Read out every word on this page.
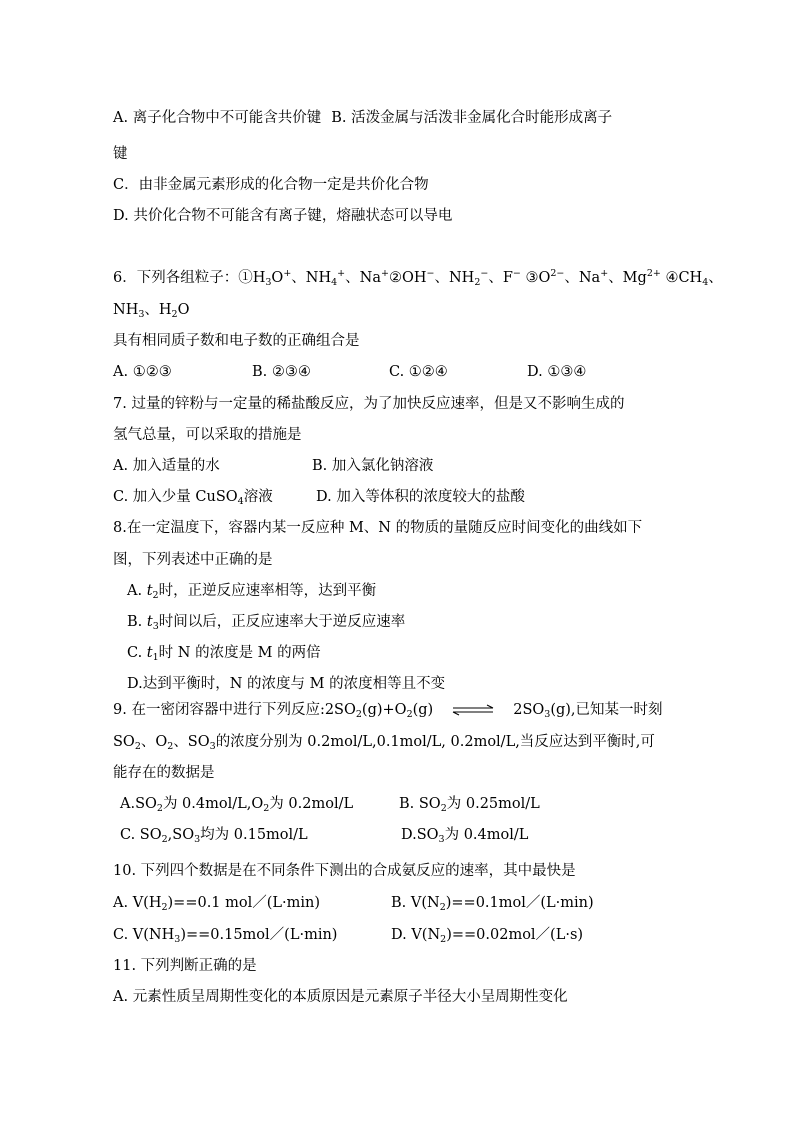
A. 离子化合物中不可能含共价键 B. 活泼金属与活泼非金属化合时能形成离子
键
C．由非金属元素形成的化合物一定是共价化合物
D. 共价化合物不可能含有离子键，熔融状态可以导电
6．下列各组粒子：$①H_3O^+$、$NH_4^+$、Na+②OH−、$NH_2^-$、F− $③O^{2-}$、Na+、$Mg^{2+}$ $④CH_4$、
$NH_3$、$H_2O$
具有相同质子数和电子数的正确组合是
A. ①②③	B. ②③④	C. ①②④	D. ①③④
7. 过量的锌粉与一定量的稀盐酸反应，为了加快反应速率，但是又不影响生成的
氢气总量，可以采取的措施是
A. 加入适量的水	B. 加入氯化钠溶液
C. 加入少量 CuSO$_4$溶液	D. 加入等体积的浓度较大的盐酸
8.在一定温度下，容器内某一反应种 M、N 的物质的量随反应时间变化的曲线如下
图，下列表述中正确的是
A. $t_2$时，正逆反应速率相等，达到平衡
B. $t_3$时间以后，正反应速率大于逆反应速率
C. $t_1$时 N 的浓度是 M 的两倍
D.达到平衡时，N 的浓度与 M 的浓度相等且不变
9. 在一密闭容器中进行下列反应$:2SO_2(g)+O_2(g)$ ⇌ $2SO_3(g)$,已知某一时刻
$SO_2$、$O_2$、$SO_3$的浓度分别为 0.2mol/L,0.1mol/L, 0.2mol/L,当反应达到平衡时,可
能存在的数据是
$A.SO_2$为 $0.4mol/L,O_2$为 0.2mol/L	B. $SO_2$为 0.25mol/L
C. $SO_2,SO_3$均为 0.15mol/L	$D.SO_3$为 0.4mol/L
10. 下列四个数据是在不同条件下测出的合成氨反应的速率，其中最快是
A. $V(H_2)==0.1$ mol／(L·min)	B. $V(N_2)==0.1mol/(L\cdot\min)$
C. $V(NH_3)==0.15mol/(L\cdot\min)$	D. $V(N_2)==0.02mol/(L\cdot s)$
11. 下列判断正确的是
A. 元素性质呈周期性变化的本质原因是元素原子半径大小呈周期性变化
